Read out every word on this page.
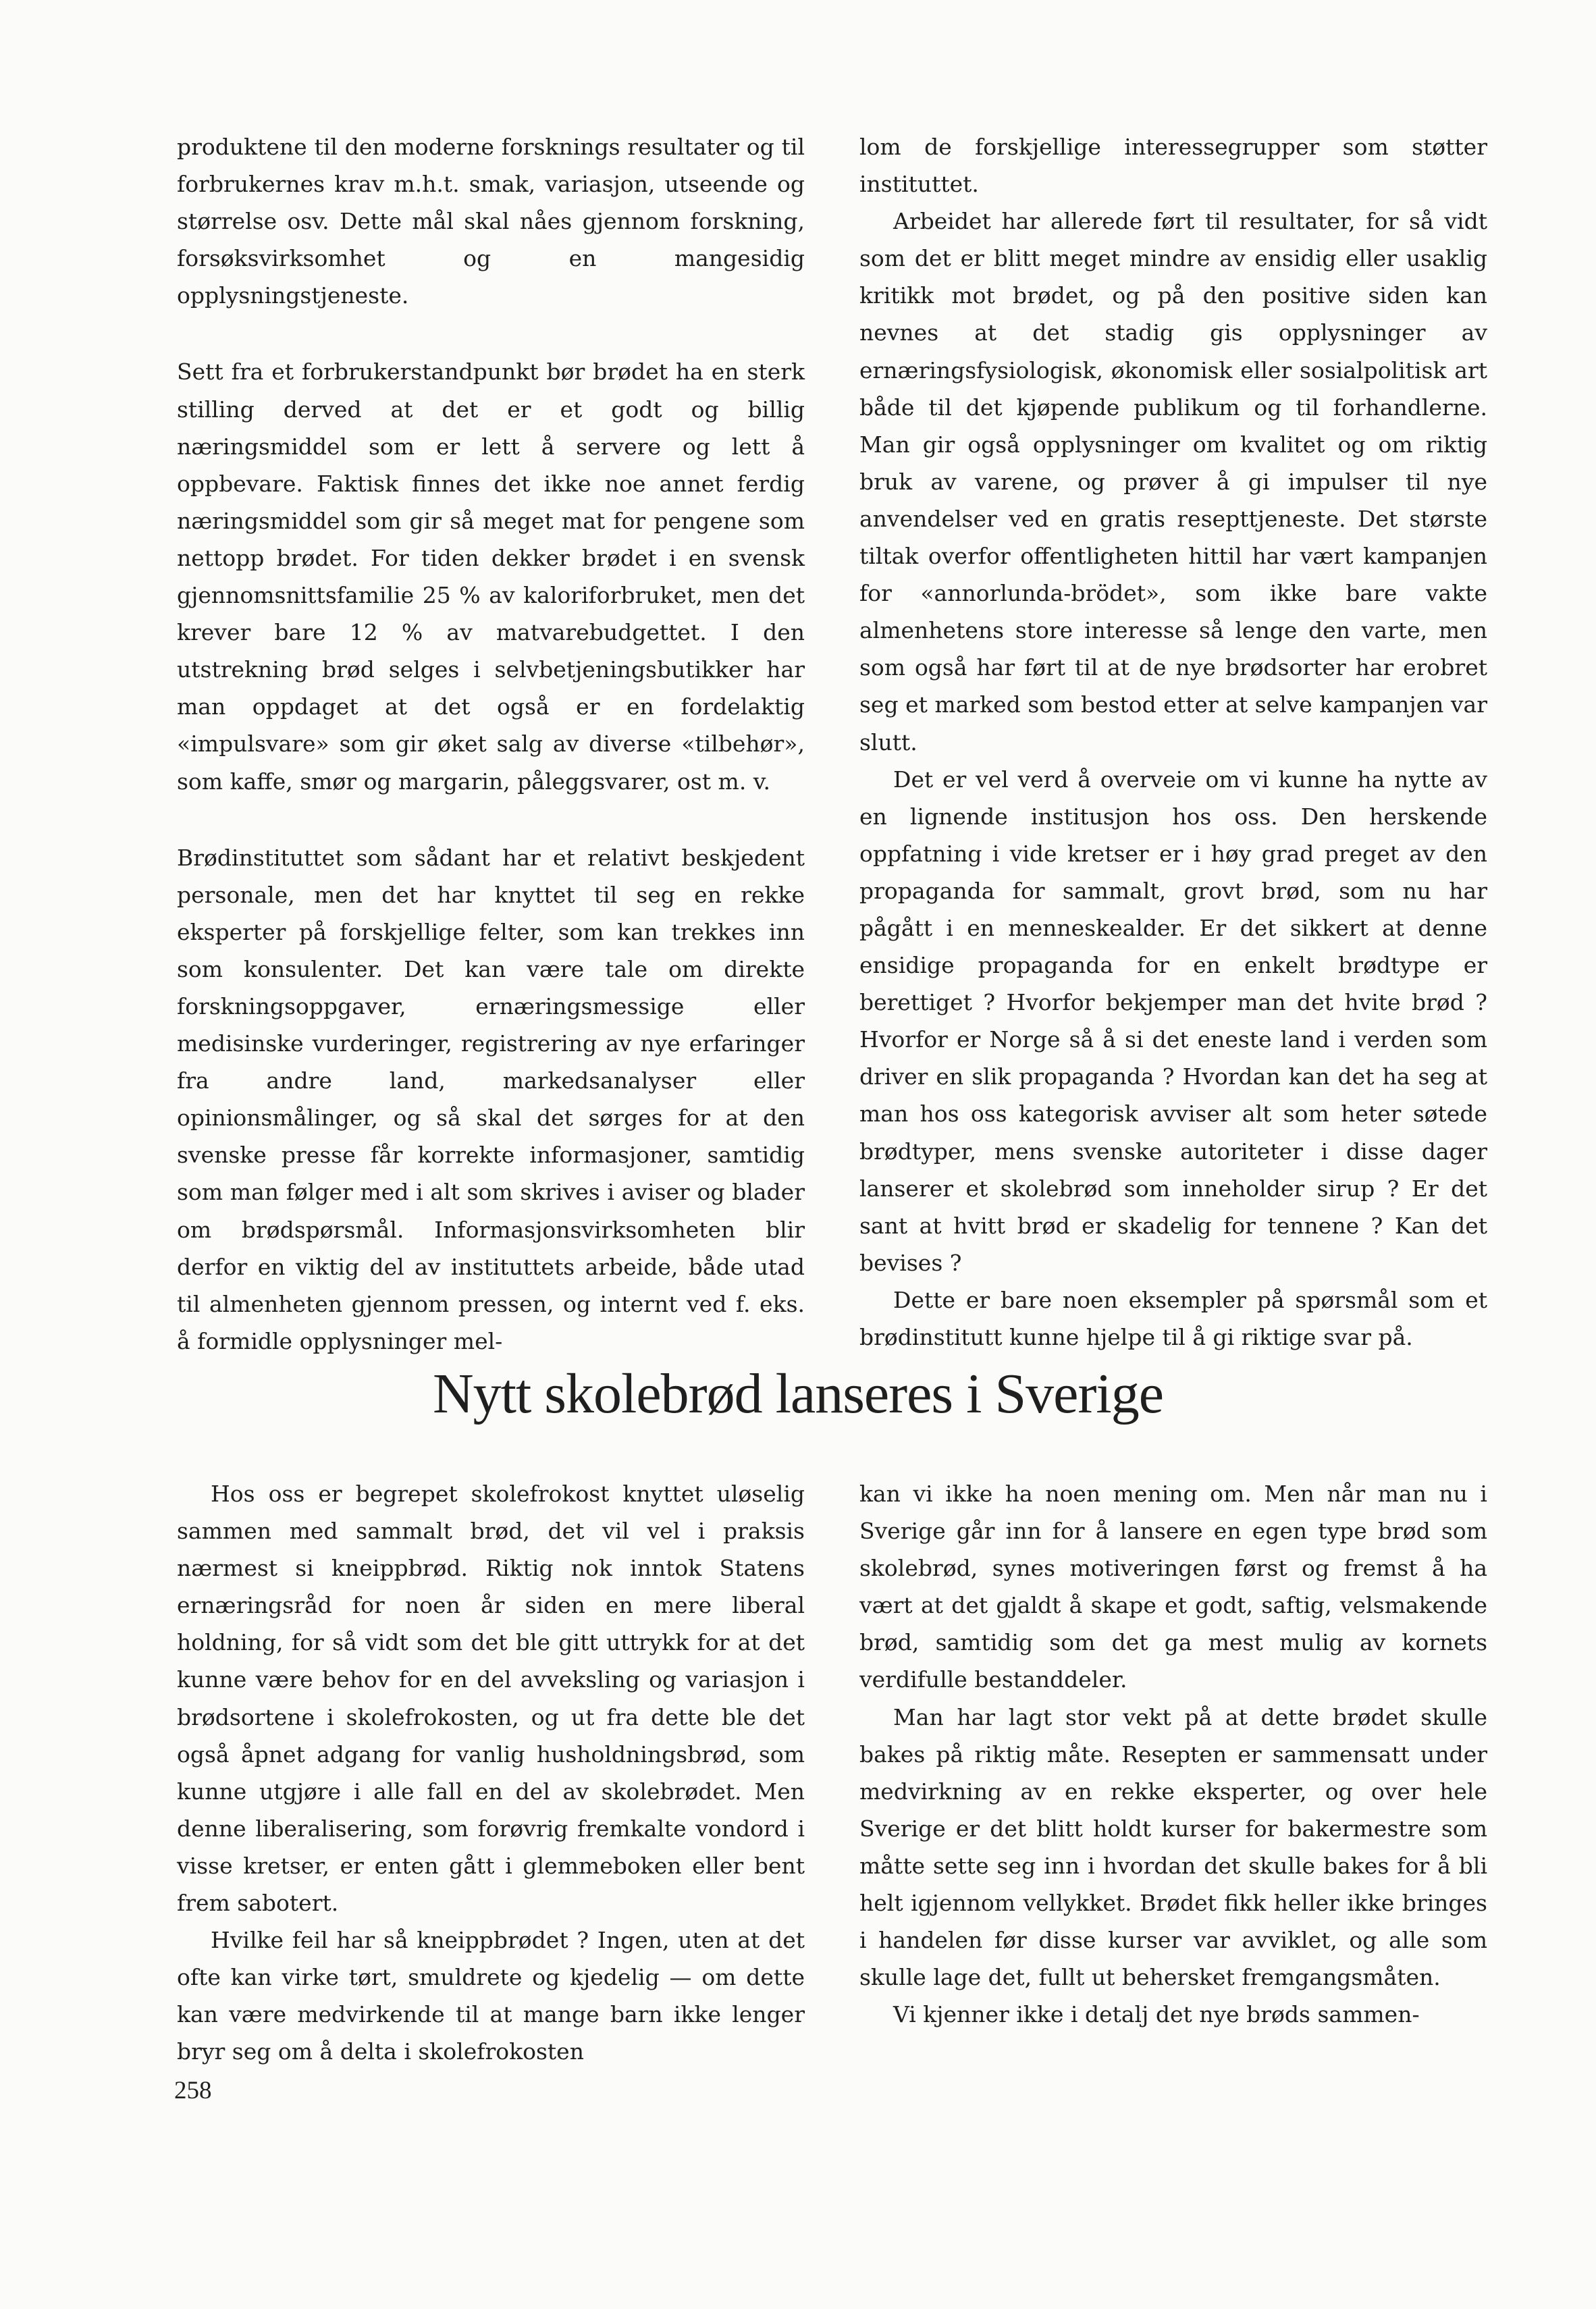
produktene til den moderne forsknings resultater og til forbrukernes krav m.h.t. smak, variasjon, utseende og størrelse osv. Dette mål skal nåes gjennom forskning, forsøksvirksomhet og en mangesidig opplysningstjeneste.

Sett fra et forbrukerstandpunkt bør brødet ha en sterk stilling derved at det er et godt og billig næringsmiddel som er lett å servere og lett å oppbevare. Faktisk finnes det ikke noe annet ferdig næringsmiddel som gir så meget mat for pengene som nettopp brødet. For tiden dekker brødet i en svensk gjennomsnittsfamilie 25 % av kaloriforbruket, men det krever bare 12 % av matvarebudgettet. I den utstrekning brød selges i selvbetjeningsbutikker har man oppdaget at det også er en fordelaktig «impulsvare» som gir øket salg av diverse «tilbehør», som kaffe, smør og margarin, påleggsvarer, ost m. v.

Brødinstituttet som sådant har et relativt beskjedent personale, men det har knyttet til seg en rekke eksperter på forskjellige felter, som kan trekkes inn som konsulenter. Det kan være tale om direkte forskningsoppgaver, ernæringsmessige eller medisinske vurderinger, registrering av nye erfaringer fra andre land, markedsanalyser eller opinionsmålinger, og så skal det sørges for at den svenske presse får korrekte informasjoner, samtidig som man følger med i alt som skrives i aviser og blader om brødspørsmål. Informasjonsvirksomheten blir derfor en viktig del av instituttets arbeide, både utad til almenheten gjennom pressen, og internt ved f. eks. å formidle opplysninger mel-

lom de forskjellige interessegrupper som støtter instituttet.

Arbeidet har allerede ført til resultater, for så vidt som det er blitt meget mindre av ensidig eller usaklig kritikk mot brødet, og på den positive siden kan nevnes at det stadig gis opplysninger av ernæringsfysiologisk, økonomisk eller sosialpolitisk art både til det kjøpende publikum og til forhandlerne. Man gir også opplysninger om kvalitet og om riktig bruk av varene, og prøver å gi impulser til nye anvendelser ved en gratis resepttjeneste. Det største tiltak overfor offentligheten hittil har vært kampanjen for «annorlunda-brödet», som ikke bare vakte almenhetens store interesse så lenge den varte, men som også har ført til at de nye brødsorter har erobret seg et marked som bestod etter at selve kampanjen var slutt.

Det er vel verd å overveie om vi kunne ha nytte av en lignende institusjon hos oss. Den herskende oppfatning i vide kretser er i høy grad preget av den propaganda for sammalt, grovt brød, som nu har pågått i en menneskealder. Er det sikkert at denne ensidige propaganda for en enkelt brødtype er berettiget ? Hvorfor bekjemper man det hvite brød ? Hvorfor er Norge så å si det eneste land i verden som driver en slik propaganda ? Hvordan kan det ha seg at man hos oss kategorisk avviser alt som heter søtede brødtyper, mens svenske autoriteter i disse dager lanserer et skolebrød som inneholder sirup ? Er det sant at hvitt brød er skadelig for tennene ? Kan det bevises ?

Dette er bare noen eksempler på spørsmål som et brødinstitutt kunne hjelpe til å gi riktige svar på.

Nytt skolebrød lanseres i Sverige

Hos oss er begrepet skolefrokost knyttet uløselig sammen med sammalt brød, det vil vel i praksis nærmest si kneippbrød. Riktig nok inntok Statens ernæringsråd for noen år siden en mere liberal holdning, for så vidt som det ble gitt uttrykk for at det kunne være behov for en del avveksling og variasjon i brødsortene i skolefrokosten, og ut fra dette ble det også åpnet adgang for vanlig husholdningsbrød, som kunne utgjøre i alle fall en del av skolebrødet. Men denne liberalisering, som forøvrig fremkalte vondord i visse kretser, er enten gått i glemmeboken eller bent frem sabotert.

Hvilke feil har så kneippbrødet ? Ingen, uten at det ofte kan virke tørt, smuldrete og kjedelig — om dette kan være medvirkende til at mange barn ikke lenger bryr seg om å delta i skolefrokosten

kan vi ikke ha noen mening om. Men når man nu i Sverige går inn for å lansere en egen type brød som skolebrød, synes motiveringen først og fremst å ha vært at det gjaldt å skape et godt, saftig, velsmakende brød, samtidig som det ga mest mulig av kornets verdifulle bestanddeler.

Man har lagt stor vekt på at dette brødet skulle bakes på riktig måte. Resepten er sammensatt under medvirkning av en rekke eksperter, og over hele Sverige er det blitt holdt kurser for bakermestre som måtte sette seg inn i hvordan det skulle bakes for å bli helt igjennom vellykket. Brødet fikk heller ikke bringes i handelen før disse kurser var avviklet, og alle som skulle lage det, fullt ut behersket fremgangsmåten.

Vi kjenner ikke i detalj det nye brøds sammen-

258
